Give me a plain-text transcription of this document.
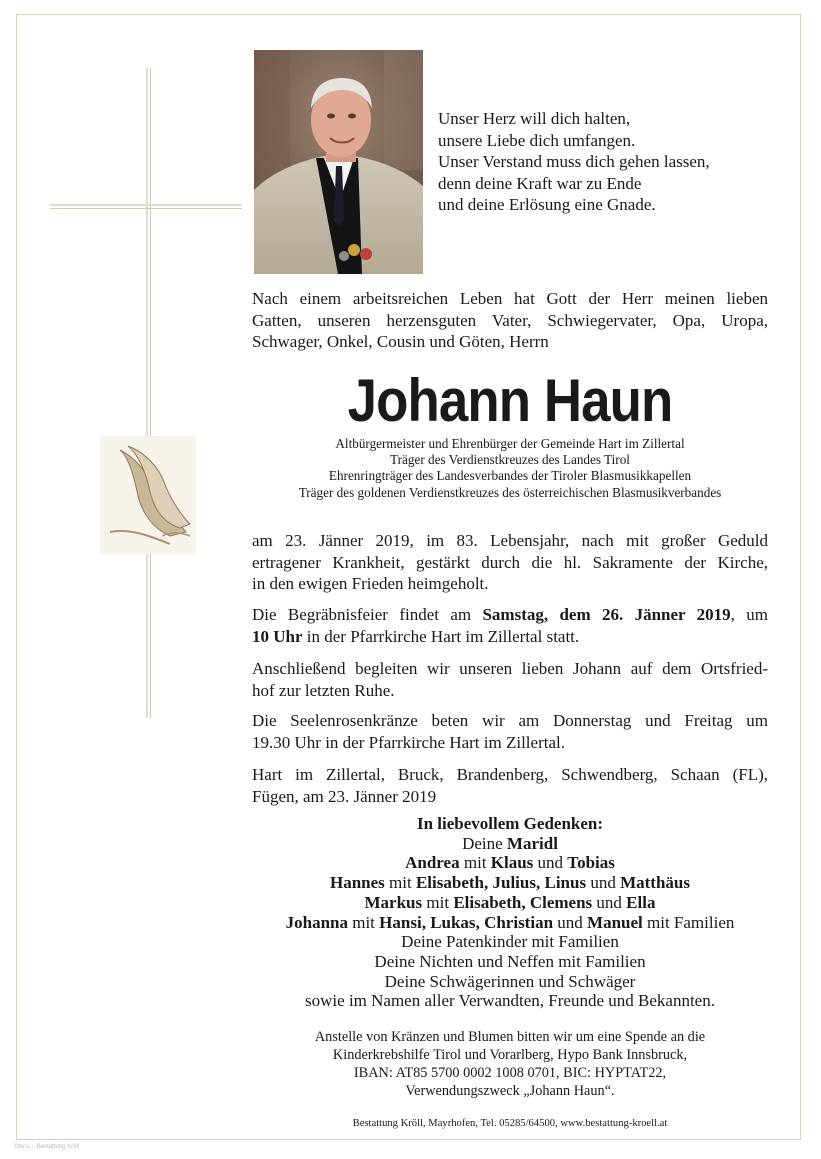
Unser Herz will dich halten,
unsere Liebe dich umfangen.
Unser Verstand muss dich gehen lassen,
denn deine Kraft war zu Ende
und deine Erlösung eine Gnade.
Nach einem arbeitsreichen Leben hat Gott der Herr meinen lieben
Gatten, unseren herzensguten Vater, Schwiegervater, Opa, Uropa,
Schwager, Onkel, Cousin und Göten, Herrn
Johann Haun
Altbürgermeister und Ehrenbürger der Gemeinde Hart im Zillertal
Träger des Verdienstkreuzes des Landes Tirol
Ehrenringträger des Landesverbandes der Tiroler Blasmusikkapellen
Träger des goldenen Verdienstkreuzes des österreichischen Blasmusikverbandes
am 23. Jänner 2019, im 83. Lebensjahr, nach mit großer Geduld
ertragener Krankheit, gestärkt durch die hl. Sakramente der Kirche,
in den ewigen Frieden heimgeholt.
Die Begräbnisfeier findet am Samstag, dem 26. Jänner 2019, um
10 Uhr in der Pfarrkirche Hart im Zillertal statt.
Anschließend begleiten wir unseren lieben Johann auf dem Ortsfried-
hof zur letzten Ruhe.
Die Seelenrosenkränze beten wir am Donnerstag und Freitag um
19.30 Uhr in der Pfarrkirche Hart im Zillertal.
Hart im Zillertal, Bruck, Brandenberg, Schwendberg, Schaan (FL),
Fügen, am 23. Jänner 2019
In liebevollem Gedenken:
Deine Maridl
Andrea mit Klaus und Tobias
Hannes mit Elisabeth, Julius, Linus und Matthäus
Markus mit Elisabeth, Clemens und Ella
Johanna mit Hansi, Lukas, Christian und Manuel mit Familien
Deine Patenkinder mit Familien
Deine Nichten und Neffen mit Familien
Deine Schwägerinnen und Schwäger
sowie im Namen aller Verwandten, Freunde und Bekannten.
Anstelle von Kränzen und Blumen bitten wir um eine Spende an die
Kinderkrebshilfe Tirol und Vorarlberg, Hypo Bank Innsbruck,
IBAN: AT85 5700 0002 1008 0701, BIC: HYPTAT22,
Verwendungszweck „Johann Haun“.
Bestattung Kröll, Mayrhofen, Tel. 05285/64500, www.bestattung-kroell.at
©by L. · Bestattung Kröll
